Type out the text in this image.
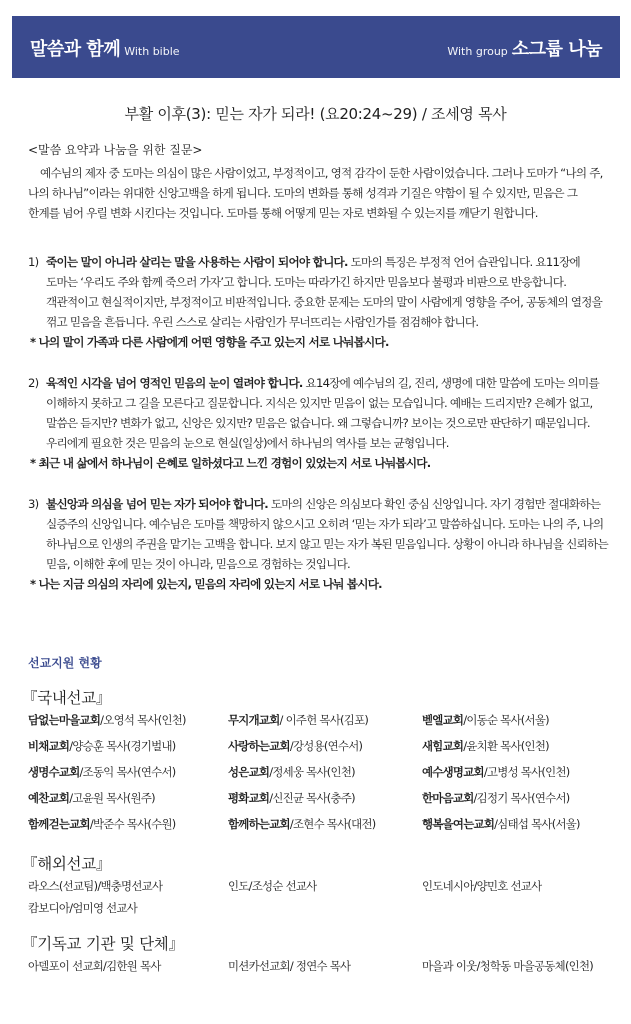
말씀과 함께 With bible	With group 소그룹 나눔
부활 이후(3): 믿는 자가 되라! (요20:24~29) / 조세영 목사
<말씀 요약과 나눔을 위한 질문>
예수님의 제자 중 도마는 의심이 많은 사람이었고, 부정적이고, 영적 감각이 둔한 사람이었습니다. 그러나 도마가 “나의 주, 나의 하나님”이라는 위대한 신앙고백을 하게 됩니다. 도마의 변화를 통해 성격과 기질은 약함이 될 수 있지만, 믿음은 그 한계를 넘어 우릴 변화 시킨다는 것입니다. 도마를 통해 어떻게 믿는 자로 변화될 수 있는지를 깨닫기 원합니다.
1) 죽이는 말이 아니라 살리는 말을 사용하는 사람이 되어야 합니다. 도마의 특징은 부정적 언어 습관입니다. 요11장에 도마는 ‘우리도 주와 함께 죽으러 가자’고 합니다. 도마는 따라가긴 하지만 믿음보다 불평과 비판으로 반응합니다. 객관적이고 현실적이지만, 부정적이고 비판적입니다. 중요한 문제는 도마의 말이 사람에게 영향을 주어, 공동체의 열정을 꺾고 믿음을 흔듭니다. 우린 스스로 살리는 사람인가 무너뜨리는 사람인가를 점검해야 합니다.
* 나의 말이 가족과 다른 사람에게 어떤 영향을 주고 있는지 서로 나눠봅시다.
2) 육적인 시각을 넘어 영적인 믿음의 눈이 열려야 합니다. 요14장에 예수님의 길, 진리, 생명에 대한 말씀에 도마는 의미를 이해하지 못하고 그 길을 모른다고 질문합니다. 지식은 있지만 믿음이 없는 모습입니다. 예배는 드리지만? 은혜가 없고, 말씀은 듣지만? 변화가 없고, 신앙은 있지만? 믿음은 없습니다. 왜 그렇습니까? 보이는 것으로만 판단하기 때문입니다. 우리에게 필요한 것은 믿음의 눈으로 현실(일상)에서 하나님의 역사를 보는 균형입니다.
* 최근 내 삶에서 하나님이 은혜로 일하셨다고 느낀 경험이 있었는지 서로 나눠봅시다.
3) 불신앙과 의심을 넘어 믿는 자가 되어야 합니다. 도마의 신앙은 의심보다 확인 중심 신앙입니다. 자기 경험만 절대화하는 실증주의 신앙입니다. 예수님은 도마를 책망하지 않으시고 오히려 ‘믿는 자가 되라’고 말씀하십니다. 도마는 나의 주, 나의 하나님으로 인생의 주권을 맡기는 고백을 합니다. 보지 않고 믿는 자가 복된 믿음입니다. 상황이 아니라 하나님을 신뢰하는 믿음, 이해한 후에 믿는 것이 아니라, 믿음으로 경험하는 것입니다.
* 나는 지금 의심의 자리에 있는지, 믿음의 자리에 있는지 서로 나눠 봅시다.
선교지원 현황
『국내선교』
담없는마을교회/오영석 목사(인천)	무지개교회/ 이주헌 목사(김포)	벧엘교회/이동순 목사(서울)
비채교회/양승훈 목사(경기벌내)	사랑하는교회/강성용(연수서)	새힘교회/윤치환 목사(인천)
생명수교회/조동익 목사(연수서)	성은교회/정세웅 목사(인천)	예수생명교회/고병성 목사(인천)
예찬교회/고윤원 목사(원주)	평화교회/신진균 목사(충주)	한마음교회/김정기 목사(연수서)
함께걷는교회/박준수 목사(수원)	함께하는교회/조현수 목사(대전)	행복을여는교회/심태섭 목사(서울)
『해외선교』
라오스(선교팀)/백충명선교사	인도/조성순 선교사	인도네시아/양민호 선교사
캄보디아/엄미영 선교사
『기독교 기관 및 단체』
아델포이 선교회/김한원 목사	미션카선교회/ 정연수 목사	마을과 이웃/청학동 마을공동체(인천)
